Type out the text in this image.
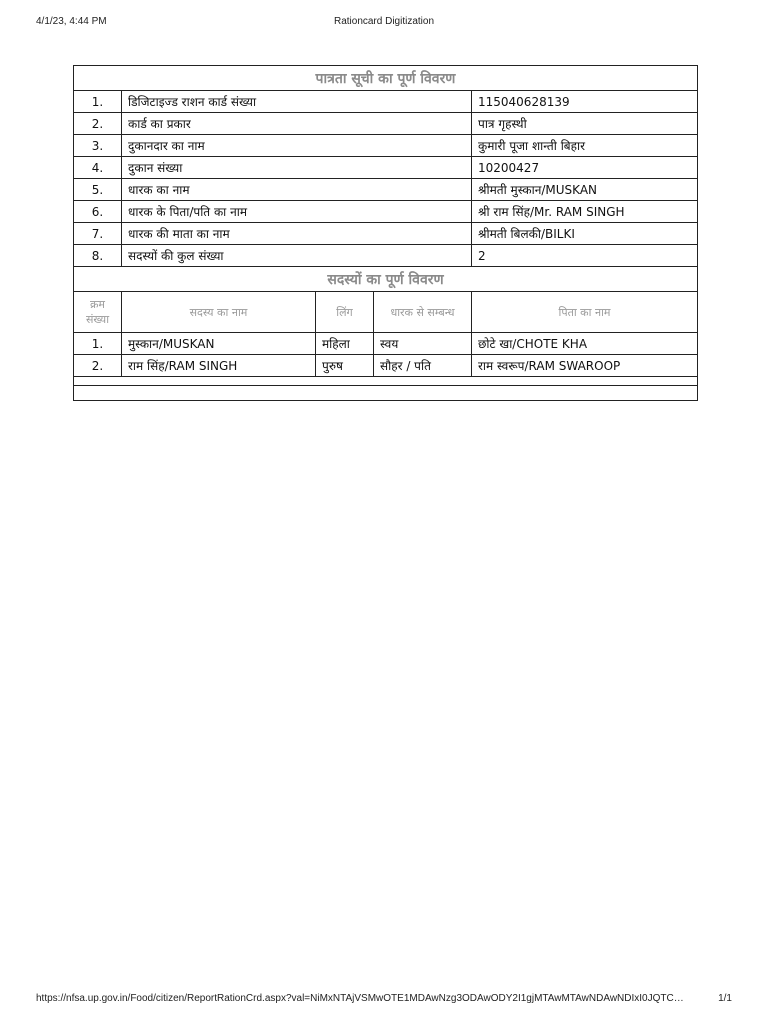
4/1/23, 4:44 PM	Rationcard Digitization
पात्रता सूची का पूर्ण विवरण				
1.	डिजिटाइज्ड राशन कार्ड संख्या			115040628139
2.	कार्ड का प्रकार			पात्र गृहस्थी
3.	दुकानदार का नाम			कुमारी पूजा शान्ती बिहार
4.	दुकान संख्या			10200427
5.	धारक का नाम			श्रीमती मुस्कान/MUSKAN
6.	धारक के पिता/पति का नाम			श्री राम सिंह/Mr. RAM SINGH
7.	धारक की माता का नाम			श्रीमती बिलकी/BILKI
8.	सदस्यों की कुल संख्या			2
सदस्यों का पूर्ण विवरण				
क्रम संख्या	सदस्य का नाम	लिंग	धारक से सम्बन्ध	पिता का नाम
1.	मुस्कान/MUSKAN	महिला	स्वय	छोटे खा/CHOTE KHA
2.	राम सिंह/RAM SINGH	पुरुष	सौहर / पति	राम स्वरूप/RAM SWAROOP

https://nfsa.up.gov.in/Food/citizen/ReportRationCrd.aspx?val=NiMxNTAjVSMwOTE1MDAwNzg3ODAwODY2I1gjMTAwMTAwNDAwNDIxI0JQTC…	1/1
